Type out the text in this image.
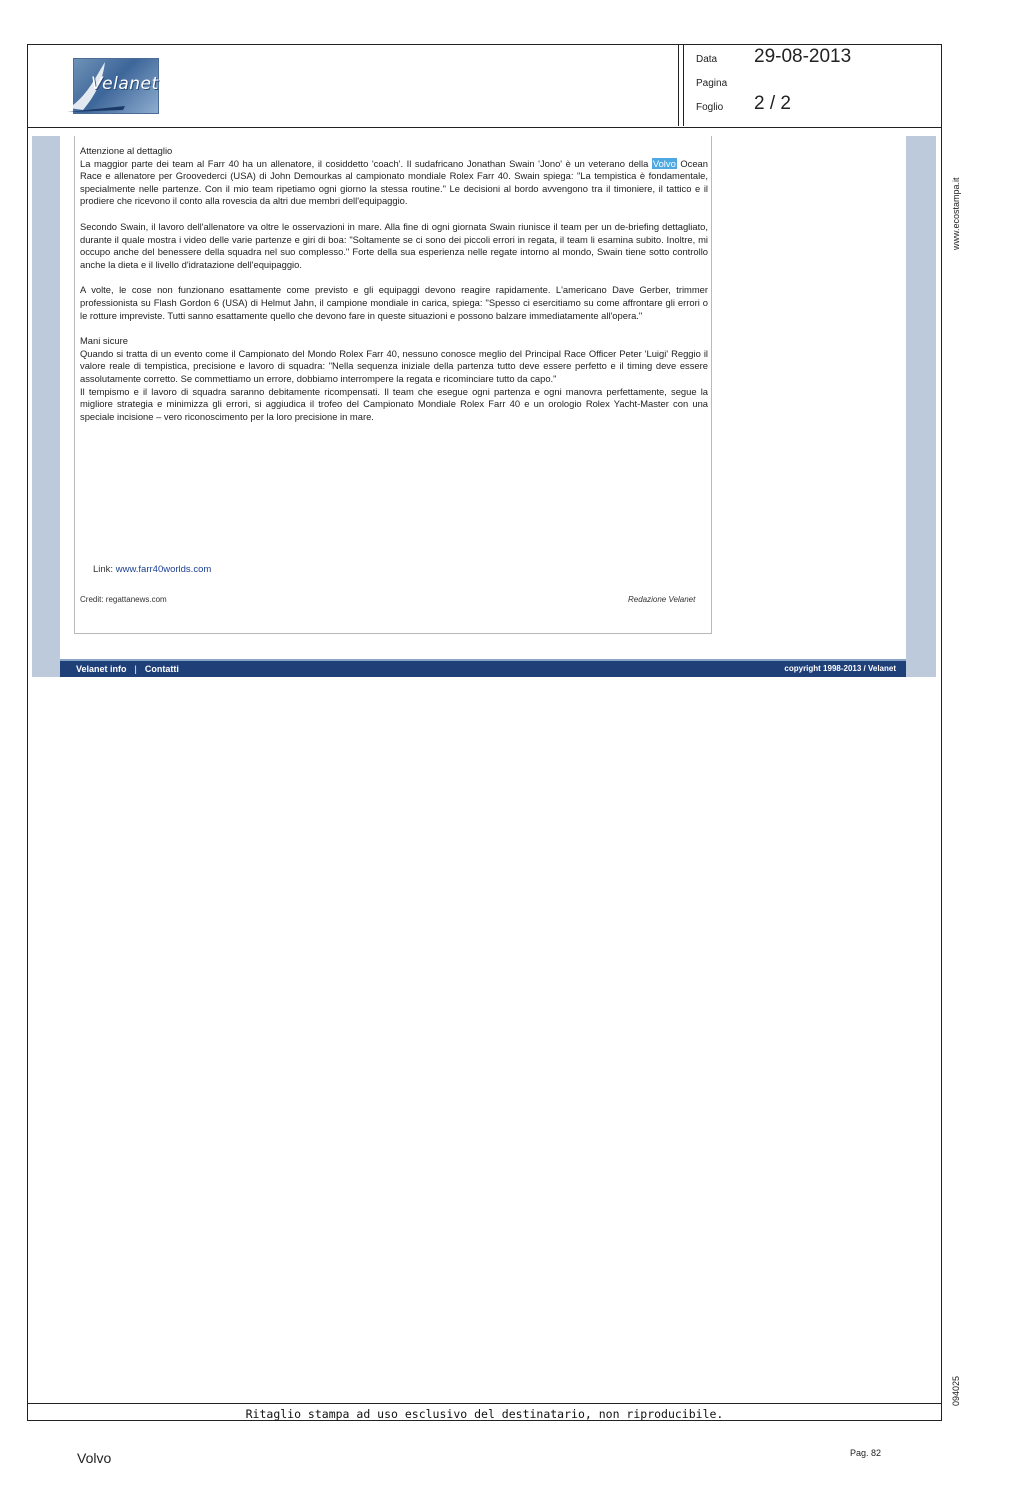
Velanet
Data 29-08-2013
Pagina
Foglio 2 / 2

Attenzione al dettaglio
La maggior parte dei team al Farr 40 ha un allenatore, il cosiddetto 'coach'. Il sudafricano Jonathan Swain 'Jono' è un veterano della Volvo Ocean Race e allenatore per Groovederci (USA) di John Demourkas al campionato mondiale Rolex Farr 40. Swain spiega: "La tempistica è fondamentale, specialmente nelle partenze. Con il mio team ripetiamo ogni giorno la stessa routine." Le decisioni al bordo avvengono tra il timoniere, il tattico e il prodiere che ricevono il conto alla rovescia da altri due membri dell'equipaggio.

Secondo Swain, il lavoro dell'allenatore va oltre le osservazioni in mare. Alla fine di ogni giornata Swain riunisce il team per un de-briefing dettagliato, durante il quale mostra i video delle varie partenze e giri di boa: "Soltamente se ci sono dei piccoli errori in regata, il team li esamina subito. Inoltre, mi occupo anche del benessere della squadra nel suo complesso." Forte della sua esperienza nelle regate intorno al mondo, Swain tiene sotto controllo anche la dieta e il livello d'idratazione dell'equipaggio.

A volte, le cose non funzionano esattamente come previsto e gli equipaggi devono reagire rapidamente. L'americano Dave Gerber, trimmer professionista su Flash Gordon 6 (USA) di Helmut Jahn, il campione mondiale in carica, spiega: "Spesso ci esercitiamo su come affrontare gli errori o le rotture impreviste. Tutti sanno esattamente quello che devono fare in queste situazioni e possono balzare immediatamente all'opera."

Mani sicure
Quando si tratta di un evento come il Campionato del Mondo Rolex Farr 40, nessuno conosce meglio del Principal Race Officer Peter 'Luigi' Reggio il valore reale di tempistica, precisione e lavoro di squadra: "Nella sequenza iniziale della partenza tutto deve essere perfetto e il timing deve essere assolutamente corretto. Se commettiamo un errore, dobbiamo interrompere la regata e ricominciare tutto da capo."
Il tempismo e il lavoro di squadra saranno debitamente ricompensati. Il team che esegue ogni partenza e ogni manovra perfettamente, segue la migliore strategia e minimizza gli errori, si aggiudica il trofeo del Campionato Mondiale Rolex Farr 40 e un orologio Rolex Yacht-Master con una speciale incisione – vero riconoscimento per la loro precisione in mare.

Link: www.farr40worlds.com
Credit: regattanews.com	Redazione Velanet
Velanet info | Contatti	copyright 1998-2013 / Velanet
www.ecostampa.it
094025
Ritaglio stampa ad uso esclusivo del destinatario, non riproducibile.
Volvo	Pag. 82
